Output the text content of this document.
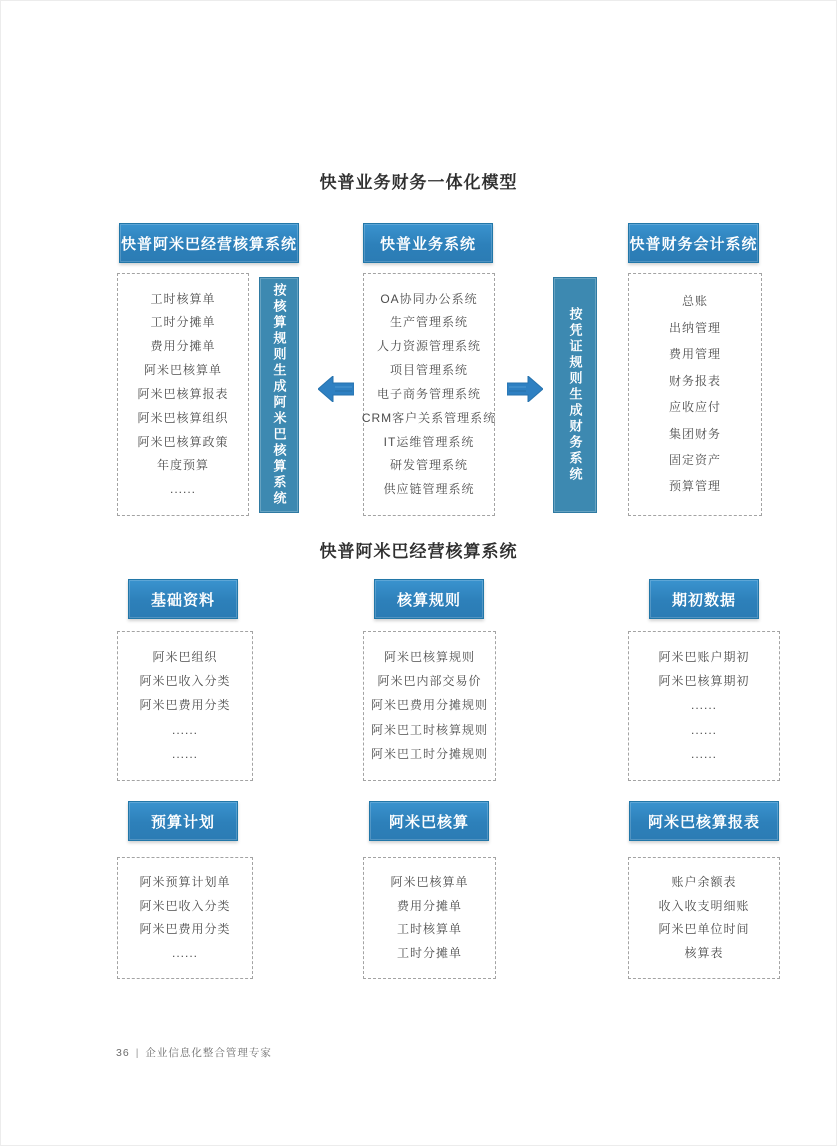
快普业务财务一体化模型
快普阿米巴经营核算系统	快普业务系统	快普财务会计系统
工时核算单
工时分摊单
费用分摊单
阿米巴核算单
阿米巴核算报表
阿米巴核算组织
阿米巴核算政策
年度预算
......
OA协同办公系统
生产管理系统
人力资源管理系统
项目管理系统
电子商务管理系统
CRM客户关系管理系统
IT运维管理系统
研发管理系统
供应链管理系统
总账
出纳管理
费用管理
财务报表
应收应付
集团财务
固定资产
预算管理
按核算规则生成阿米巴核算系统	按凭证规则生成财务系统
快普阿米巴经营核算系统
基础资料	核算规则	期初数据
阿米巴组织
阿米巴收入分类
阿米巴费用分类
......
......
阿米巴核算规则
阿米巴内部交易价
阿米巴费用分摊规则
阿米巴工时核算规则
阿米巴工时分摊规则
阿米巴账户期初
阿米巴核算期初
......
......
......
预算计划	阿米巴核算	阿米巴核算报表
阿米预算计划单
阿米巴收入分类
阿米巴费用分类
......
阿米巴核算单
费用分摊单
工时核算单
工时分摊单
账户余额表
收入收支明细账
阿米巴单位时间
核算表
36 | 企业信息化整合管理专家
